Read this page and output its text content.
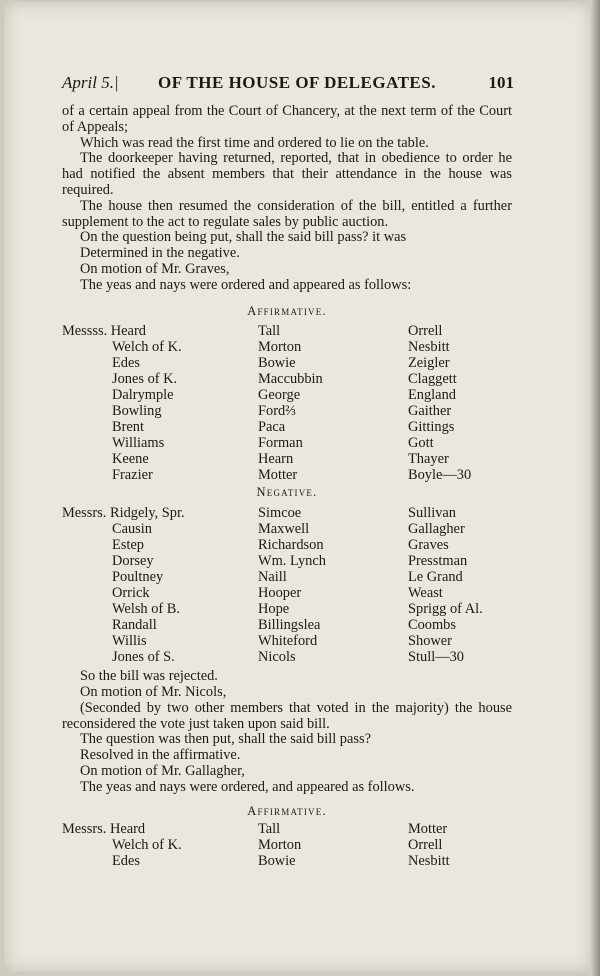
April 5.| OF THE HOUSE OF DELEGATES.	101

of a certain appeal from the Court of Chancery, at the next term of the Court of Appeals;

Which was read the first time and ordered to lie on the table.

The doorkeeper having returned, reported, that in obedience to order he had notified the absent members that their attendance in the house was required.

The house then resumed the consideration of the bill, entitled a further supplement to the act to regulate sales by public auction.

On the question being put, shall the said bill pass? it was

Determined in the negative.

On motion of Mr. Graves,

The yeas and nays were ordered and appeared as follows:

Affirmative.
Messss. Heard	Tall	Orrell
Welch of K.	Morton	Nesbitt
Edes	Bowie	Zeigler
Jones of K.	Maccubbin	Claggett
Dalrymple	George	England
Bowling	Ford⅔	Gaither
Brent	Paca	Gittings
Williams	Forman	Gott
Keene	Hearn	Thayer
Frazier	Motter	Boyle—30
Negative.
Messrs. Ridgely, Spr.	Simcoe	Sullivan
Causin	Maxwell	Gallagher
Estep	Richardson	Graves
Dorsey	Wm. Lynch	Presstman
Poultney	Naill	Le Grand
Orrick	Hooper	Weast
Welsh of B.	Hope	Sprigg of Al.
Randall	Billingslea	Coombs
Willis	Whiteford	Shower
Jones of S.	Nicols	Stull—30

So the bill was rejected.

On motion of Mr. Nicols,

(Seconded by two other members that voted in the majority) the house reconsidered the vote just taken upon said bill.

The question was then put, shall the said bill pass?

Resolved in the affirmative.

On motion of Mr. Gallagher,

The yeas and nays were ordered, and appeared as follows.

Affirmative.
Messrs. Heard	Tall	Motter
Welch of K.	Morton	Orrell
Edes	Bowie	Nesbitt
